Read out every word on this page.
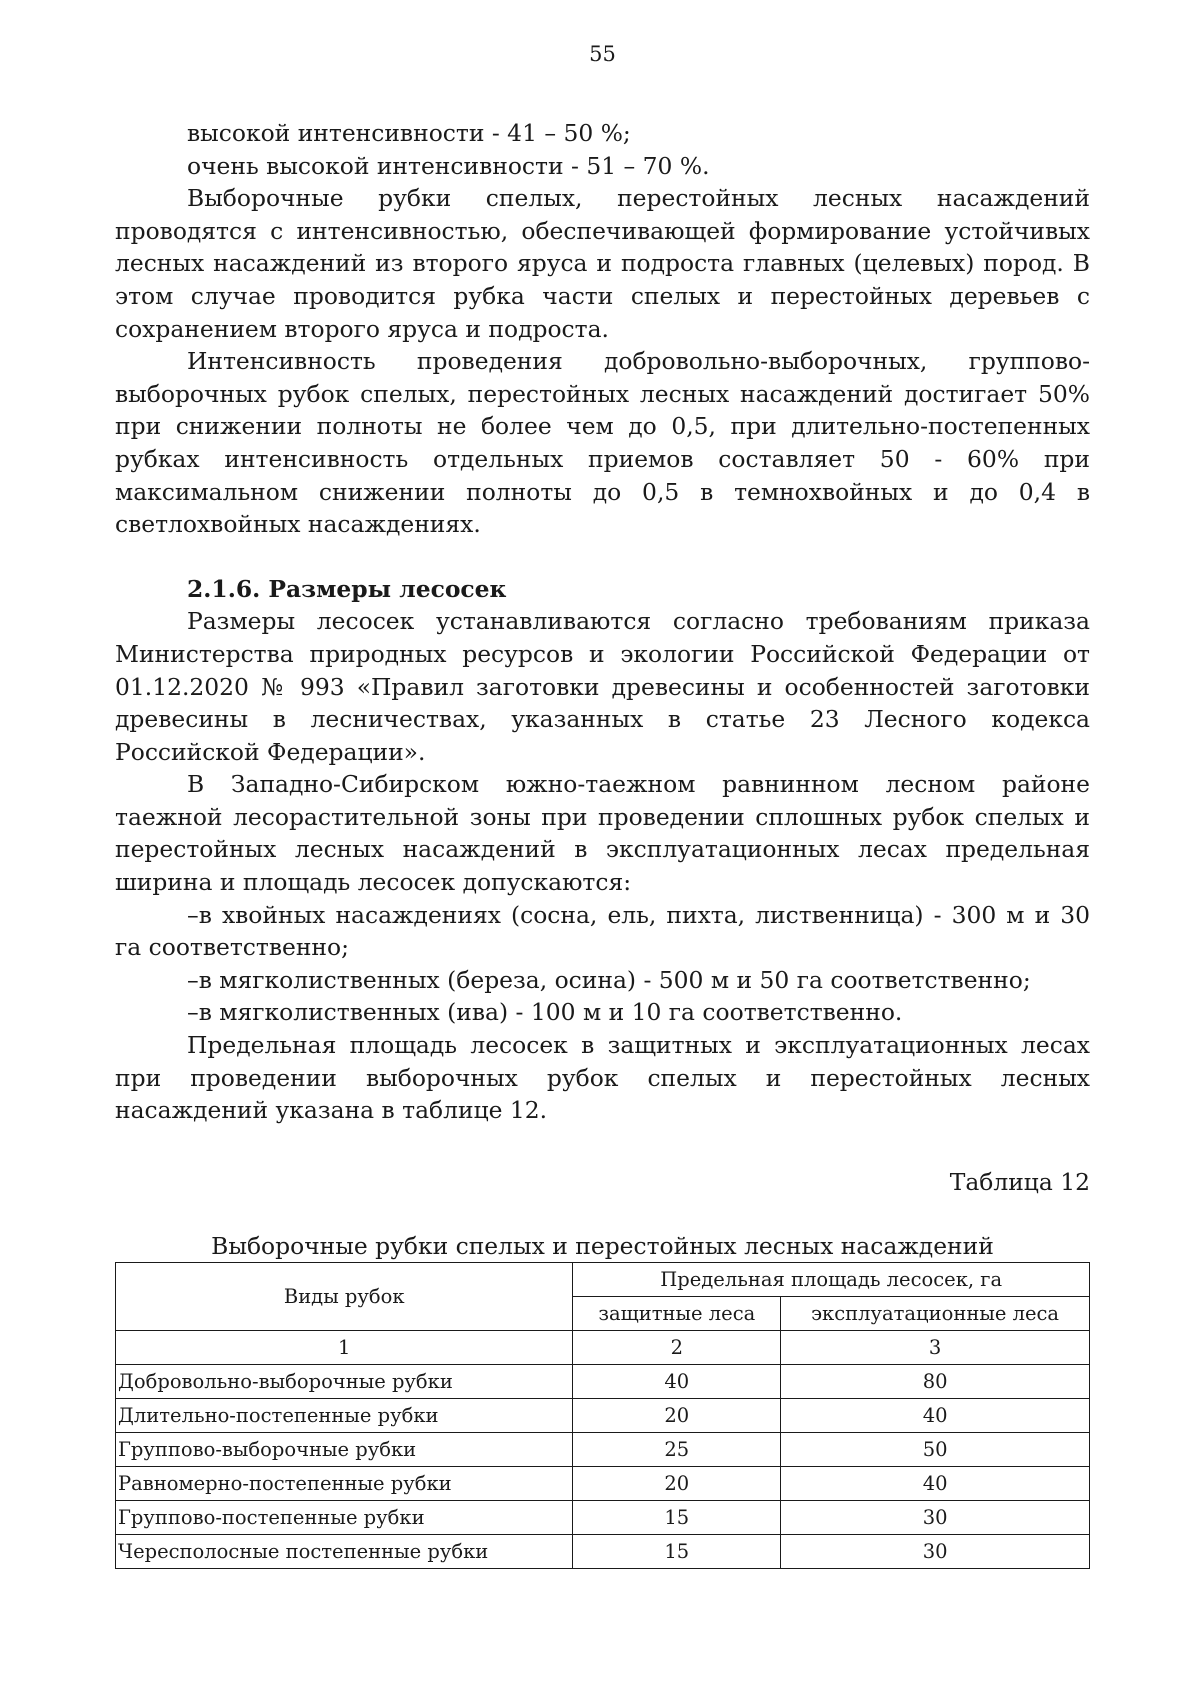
55

высокой интенсивности - 41 – 50 %;

очень высокой интенсивности - 51 – 70 %.

Выборочные рубки спелых, перестойных лесных насаждений проводятся с интенсивностью, обеспечивающей формирование устойчивых лесных насаждений из второго яруса и подроста главных (целевых) пород. В этом случае проводится рубка части спелых и перестойных деревьев с сохранением второго яруса и подроста.

Интенсивность проведения добровольно-выборочных, группово-выборочных рубок спелых, перестойных лесных насаждений достигает 50% при снижении полноты не более чем до 0,5, при длительно-постепенных рубках интенсивность отдельных приемов составляет 50 - 60% при максимальном снижении полноты до 0,5 в темнохвойных и до 0,4 в светлохвойных насаждениях.

2.1.6. Размеры лесосек

Размеры лесосек устанавливаются согласно требованиям приказа Министерства природных ресурсов и экологии Российской Федерации от 01.12.2020 № 993 «Правил заготовки древесины и особенностей заготовки древесины в лесничествах, указанных в статье 23 Лесного кодекса Российской Федерации».

В Западно-Сибирском южно-таежном равнинном лесном районе таежной лесорастительной зоны при проведении сплошных рубок спелых и перестойных лесных насаждений в эксплуатационных лесах предельная ширина и площадь лесосек допускаются:

–в хвойных насаждениях (сосна, ель, пихта, лиственница) - 300 м и 30 га соответственно;

–в мягколиственных (береза, осина) - 500 м и 50 га соответственно;

–в мягколиственных (ива) - 100 м и 10 га соответственно.

Предельная площадь лесосек в защитных и эксплуатационных лесах при проведении выборочных рубок спелых и перестойных лесных насаждений указана в таблице 12.

Таблица 12
Выборочные рубки спелых и перестойных лесных насаждений
Виды рубок	Предельная площадь лесосек, га	
	защитные леса	эксплуатационные леса
1	2	3
Добровольно-выборочные рубки	40	80
Длительно-постепенные рубки	20	40
Группово-выборочные рубки	25	50
Равномерно-постепенные рубки	20	40
Группово-постепенные рубки	15	30
Чересполосные постепенные рубки	15	30
